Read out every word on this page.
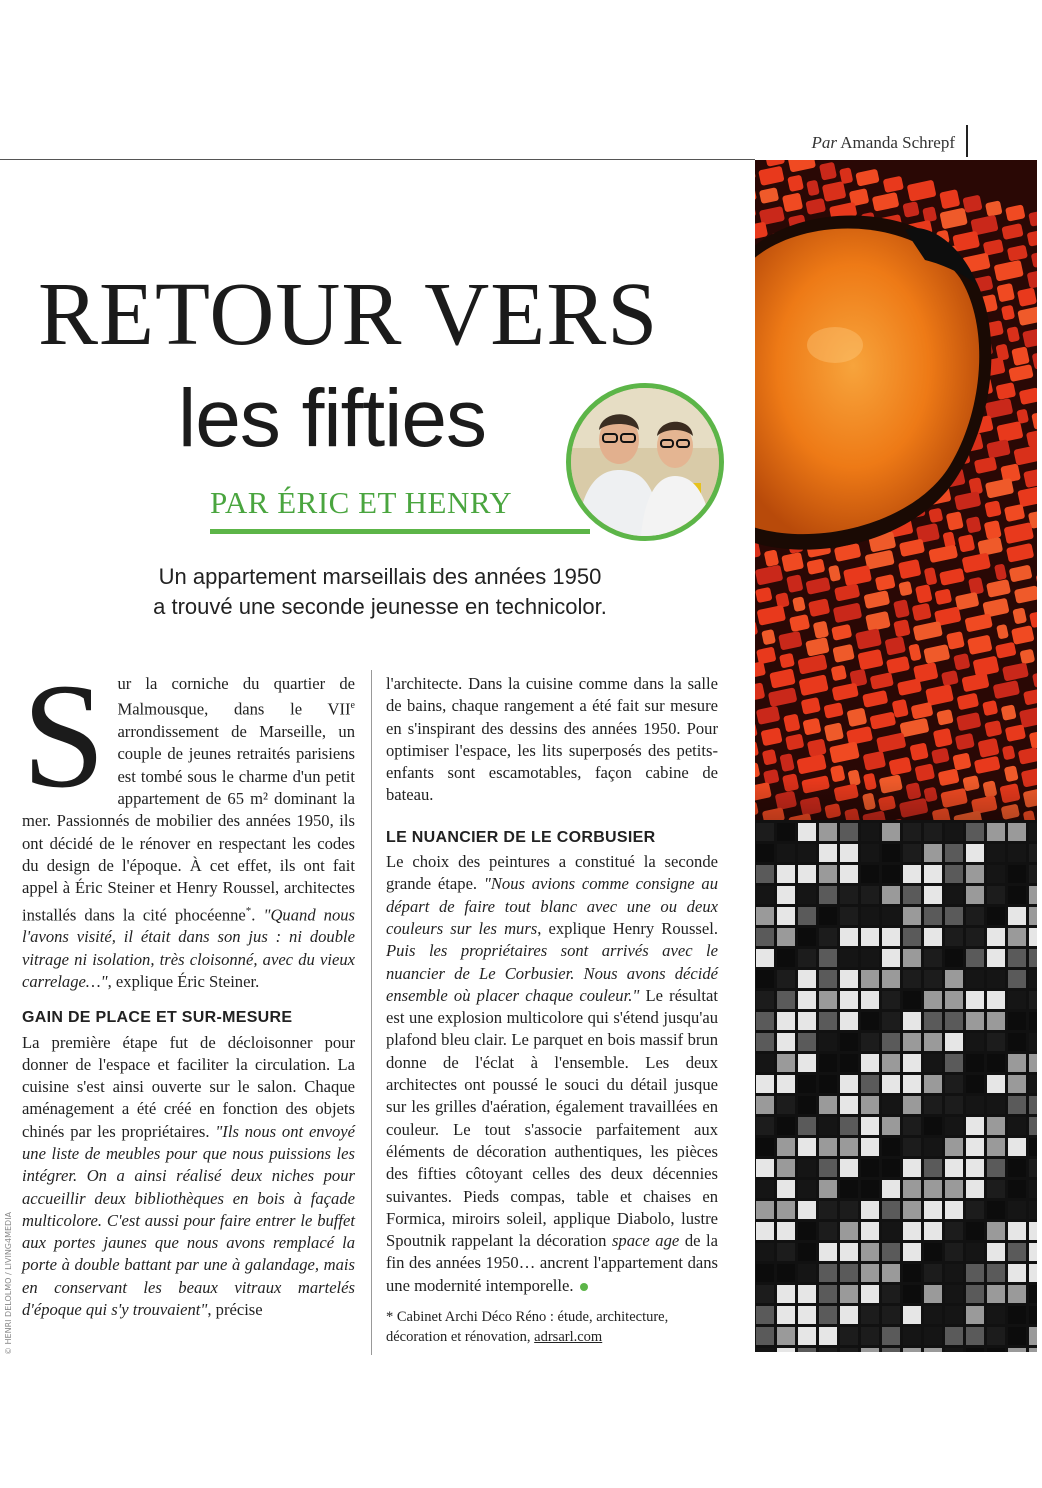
Par Amanda Schrepf
RETOUR VERS
les fifties
PAR ÉRIC ET HENRY
Un appartement marseillais des années 1950
a trouvé une seconde jeunesse en technicolor.

Sur la corniche du quartier de Malmousque, dans le VIIe arrondissement de Marseille, un couple de jeunes retraités parisiens est tombé sous le charme d'un petit appartement de 65 m² dominant la mer. Passionnés de mobilier des années 1950, ils ont décidé de le rénover en respectant les codes du design de l'époque. À cet effet, ils ont fait appel à Éric Steiner et Henry Roussel, architectes installés dans la cité phocéenne*. "Quand nous l'avons visité, il était dans son jus : ni double vitrage ni isolation, très cloisonné, avec du vieux carrelage…", explique Éric Steiner.

GAIN DE PLACE ET SUR-MESURE

La première étape fut de décloisonner pour donner de l'espace et faciliter la circulation. La cuisine s'est ainsi ouverte sur le salon. Chaque aménagement a été créé en fonction des objets chinés par les propriétaires. "Ils nous ont envoyé une liste de meubles pour que nous puissions les intégrer. On a ainsi réalisé deux niches pour accueillir deux bibliothèques en bois à façade multicolore. C'est aussi pour faire entrer le buffet aux portes jaunes que nous avons remplacé la porte à double battant par une à galandage, mais en conservant les beaux vitraux martelés d'époque qui s'y trouvaient", précise

l'architecte. Dans la cuisine comme dans la salle de bains, chaque rangement a été fait sur mesure en s'inspirant des dessins des années 1950. Pour optimiser l'espace, les lits superposés des petits-enfants sont escamotables, façon cabine de bateau.

LE NUANCIER DE LE CORBUSIER

Le choix des peintures a constitué la seconde grande étape. "Nous avions comme consigne au départ de faire tout blanc avec une ou deux couleurs sur les murs, explique Henry Roussel. Puis les propriétaires sont arrivés avec le nuancier de Le Corbusier. Nous avons décidé ensemble où placer chaque couleur." Le résultat est une explosion multicolore qui s'étend jusqu'au plafond bleu clair. Le parquet en bois massif brun donne de l'éclat à l'ensemble. Les deux architectes ont poussé le souci du détail jusque sur les grilles d'aération, également travaillées en couleur. Le tout s'associe parfaitement aux éléments de décoration authentiques, les pièces des fifties côtoyant celles des deux décennies suivantes. Pieds compas, table et chaises en Formica, miroirs soleil, applique Diabolo, lustre Spoutnik rappelant la décoration space age de la fin des années 1950… ancrent l'appartement dans une modernité intemporelle.

* Cabinet Archi Déco Réno : étude, architecture, décoration et rénovation, adrsarl.com

© HENRI DELOLMO / LIVING4MEDIA
